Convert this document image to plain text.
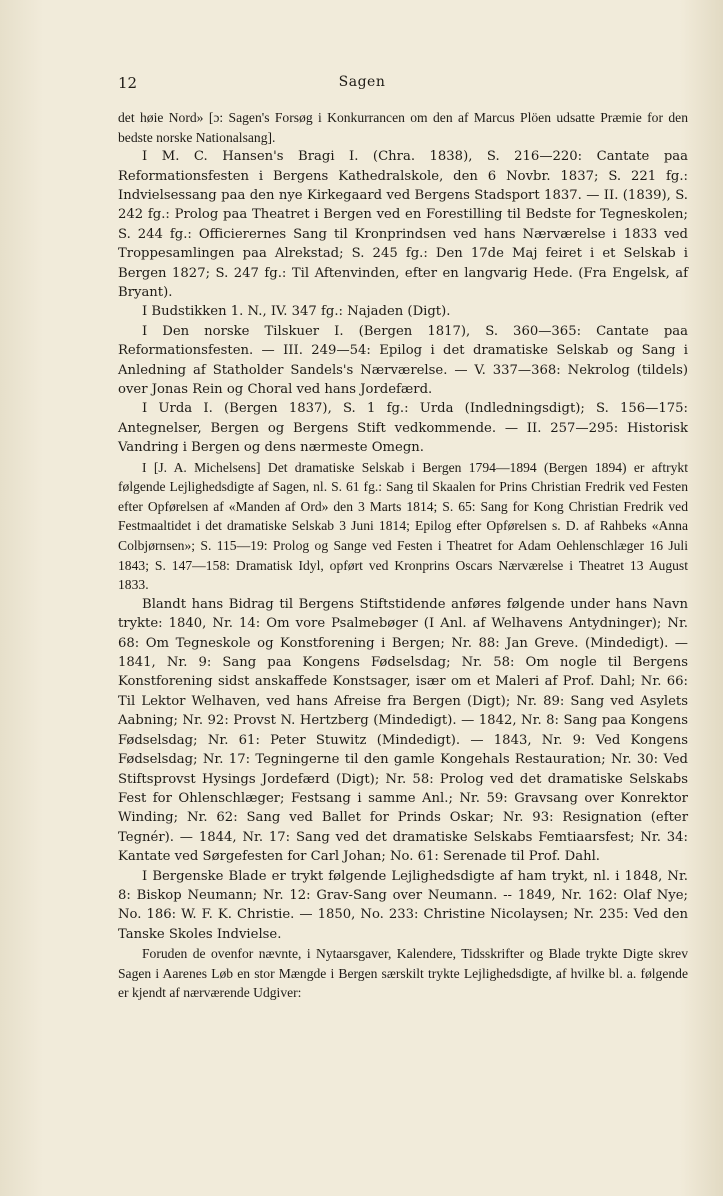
12	Sagen

det høie Nord» [ɔ: Sagen's Forsøg i Konkurrancen om den af Marcus Plöen udsatte Præmie for den bedste norske Nationalsang].

I M. C. Hansen's Bragi I. (Chra. 1838), S. 216—220: Cantate paa Reformationsfesten i Bergens Kathedralskole, den 6 Novbr. 1837; S. 221 fg.: Indvielsessang paa den nye Kirkegaard ved Bergens Stadsport 1837. — II. (1839), S. 242 fg.: Prolog paa Theatret i Bergen ved en Forestilling til Bedste for Tegneskolen; S. 244 fg.: Officierernes Sang til Kronprindsen ved hans Nærværelse i 1833 ved Troppesamlingen paa Alrekstad; S. 245 fg.: Den 17de Maj feiret i et Selskab i Bergen 1827; S. 247 fg.: Til Aftenvinden, efter en langvarig Hede. (Fra Engelsk, af Bryant).

I Budstikken 1. N., IV. 347 fg.: Najaden (Digt).

I Den norske Tilskuer I. (Bergen 1817), S. 360—365: Cantate paa Reformationsfesten. — III. 249—54: Epilog i det dramatiske Selskab og Sang i Anledning af Statholder Sandels's Nærværelse. — V. 337—368: Nekrolog (tildels) over Jonas Rein og Choral ved hans Jordefærd.

I Urda I. (Bergen 1837), S. 1 fg.: Urda (Indledningsdigt); S. 156—175: Antegnelser, Bergen og Bergens Stift vedkommende. — II. 257—295: Historisk Vandring i Bergen og dens nærmeste Omegn.

I [J. A. Michelsens] Det dramatiske Selskab i Bergen 1794—1894 (Bergen 1894) er aftrykt følgende Lejlighedsdigte af Sagen, nl. S. 61 fg.: Sang til Skaalen for Prins Christian Fredrik ved Festen efter Opførelsen af «Manden af Ord» den 3 Marts 1814; S. 65: Sang for Kong Christian Fredrik ved Festmaaltidet i det dramatiske Selskab 3 Juni 1814; Epilog efter Opførelsen s. D. af Rahbeks «Anna Colbjørnsen»; S. 115—19: Prolog og Sange ved Festen i Theatret for Adam Oehlenschlæger 16 Juli 1843; S. 147—158: Dramatisk Idyl, opført ved Kronprins Oscars Nærværelse i Theatret 13 August 1833.

Blandt hans Bidrag til Bergens Stiftstidende anføres følgende under hans Navn trykte: 1840, Nr. 14: Om vore Psalmebøger (I Anl. af Welhavens Antydninger); Nr. 68: Om Tegneskole og Konstforening i Bergen; Nr. 88: Jan Greve. (Mindedigt). — 1841, Nr. 9: Sang paa Kongens Fødselsdag; Nr. 58: Om nogle til Bergens Konstforening sidst anskaffede Konstsager, især om et Maleri af Prof. Dahl; Nr. 66: Til Lektor Welhaven, ved hans Afreise fra Bergen (Digt); Nr. 89: Sang ved Asylets Aabning; Nr. 92: Provst N. Hertzberg (Mindedigt). — 1842, Nr. 8: Sang paa Kongens Fødselsdag; Nr. 61: Peter Stuwitz (Mindedigt). — 1843, Nr. 9: Ved Kongens Fødselsdag; Nr. 17: Tegningerne til den gamle Kongehals Restauration; Nr. 30: Ved Stiftsprovst Hysings Jordefærd (Digt); Nr. 58: Prolog ved det dramatiske Selskabs Fest for Ohlenschlæger; Festsang i samme Anl.; Nr. 59: Gravsang over Konrektor Winding; Nr. 62: Sang ved Ballet for Prinds Oskar; Nr. 93: Resignation (efter Tegnér). — 1844, Nr. 17: Sang ved det dramatiske Selskabs Femtiaarsfest; Nr. 34: Kantate ved Sørgefesten for Carl Johan; No. 61: Serenade til Prof. Dahl.

I Bergenske Blade er trykt følgende Lejlighedsdigte af ham trykt, nl. i 1848, Nr. 8: Biskop Neumann; Nr. 12: Grav-Sang over Neumann. -- 1849, Nr. 162: Olaf Nye; No. 186: W. F. K. Christie. — 1850, No. 233: Christine Nicolaysen; Nr. 235: Ved den Tanske Skoles Indvielse.

Foruden de ovenfor nævnte, i Nytaarsgaver, Kalendere, Tidsskrifter og Blade trykte Digte skrev Sagen i Aarenes Løb en stor Mængde i Bergen særskilt trykte Lejlighedsdigte, af hvilke bl. a. følgende er kjendt af nærværende Udgiver:
